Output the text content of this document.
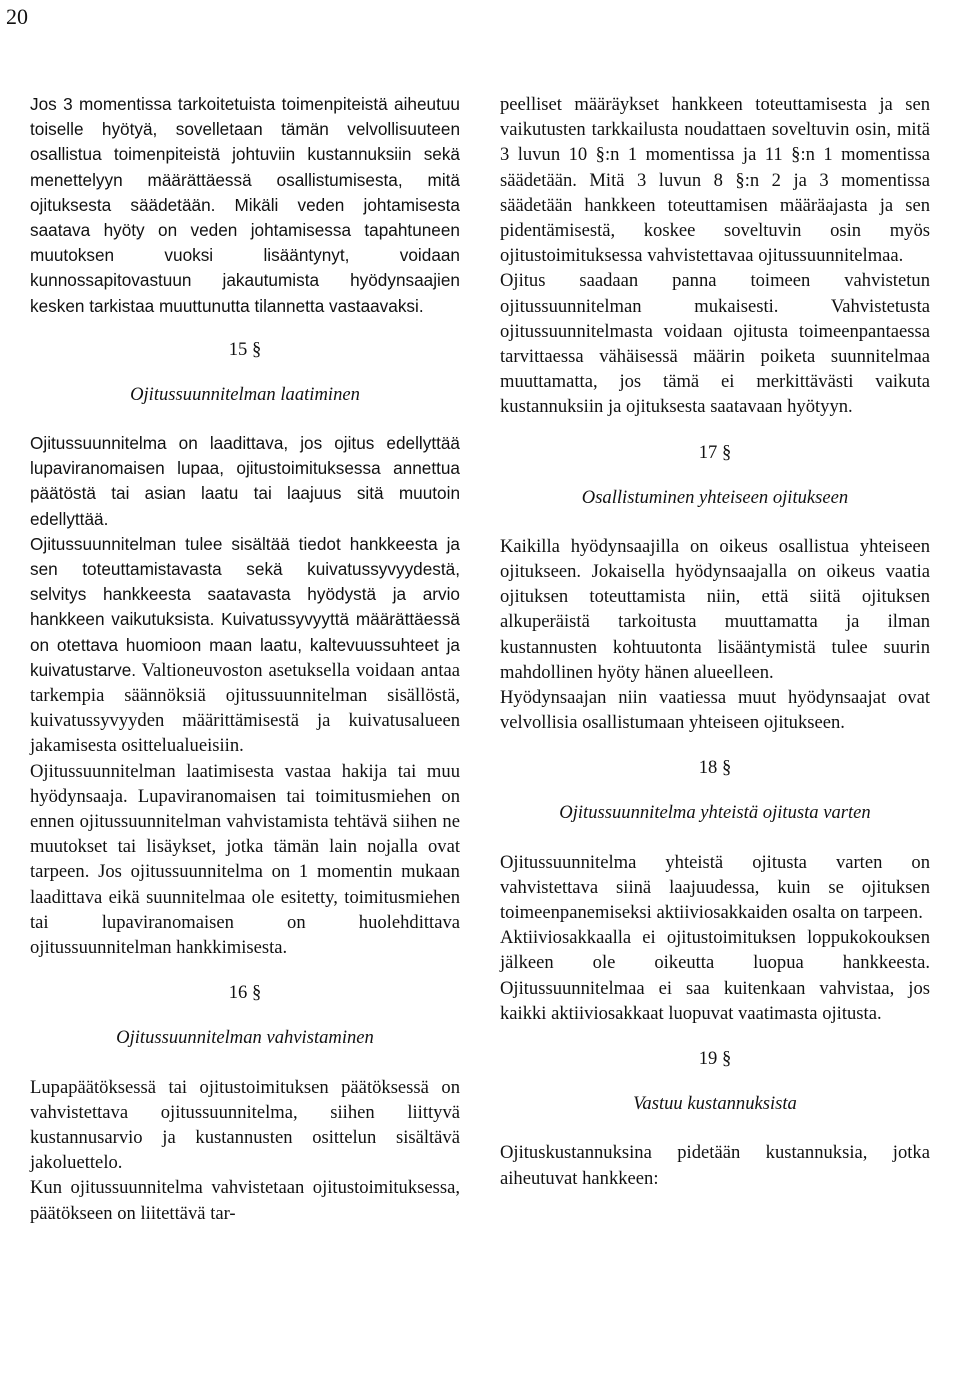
20

Jos 3 momentissa tarkoitetuista toimenpiteistä aiheutuu toiselle hyötyä, sovelletaan tämän velvollisuuteen osallistua toimenpiteistä johtuviin kustannuksiin sekä menettelyyn määrättäessä osallistumisesta, mitä ojituksesta säädetään. Mikäli veden johtamisesta saatava hyöty on veden johtamisessa tapahtuneen muutoksen vuoksi lisääntynyt, voidaan kunnossapitovastuun jakautumista hyödynsaajien kesken tarkistaa muuttunutta tilannetta vastaavaksi.

15 §
Ojitussuunnitelman laatiminen

Ojitussuunnitelma on laadittava, jos ojitus edellyttää lupaviranomaisen lupaa, ojitustoimituksessa annettua päätöstä tai asian laatu tai laajuus sitä muutoin edellyttää.

Ojitussuunnitelman tulee sisältää tiedot hankkeesta ja sen toteuttamistavasta sekä kuivatussyvyydestä, selvitys hankkeesta saatavasta hyödystä ja arvio hankkeen vaikutuksista. Kuivatussyvyyttä määrättäessä on otettava huomioon maan laatu, kaltevuussuhteet ja kuivatustarve. Valtioneuvoston asetuksella voidaan antaa tarkempia säännöksiä ojitussuunnitelman sisällöstä, kuivatussyvyyden määrittämisestä ja kuivatusalueen jakamisesta osittelualueisiin.

Ojitussuunnitelman laatimisesta vastaa hakija tai muu hyödynsaaja. Lupaviranomaisen tai toimitusmiehen on ennen ojitussuunnitelman vahvistamista tehtävä siihen ne muutokset tai lisäykset, jotka tämän lain nojalla ovat tarpeen. Jos ojitussuunnitelma on 1 momentin mukaan laadittava eikä suunnitelmaa ole esitetty, toimitusmiehen tai lupaviranomaisen on huolehdittava ojitussuunnitelman hankkimisesta.

16 §
Ojitussuunnitelman vahvistaminen

Lupapäätöksessä tai ojitustoimituksen päätöksessä on vahvistettava ojitussuunnitelma, siihen liittyvä kustannusarvio ja kustannusten osittelun sisältävä jakoluettelo.

Kun ojitussuunnitelma vahvistetaan ojitustoimituksessa, päätökseen on liitettävä tar-

peelliset määräykset hankkeen toteuttamisesta ja sen vaikutusten tarkkailusta noudattaen soveltuvin osin, mitä 3 luvun 10 §:n 1 momentissa ja 11 §:n 1 momentissa säädetään. Mitä 3 luvun 8 §:n 2 ja 3 momentissa säädetään hankkeen toteuttamisen määräajasta ja sen pidentämisestä, koskee soveltuvin osin myös ojitustoimituksessa vahvistettavaa ojitussuunnitelmaa.

Ojitus saadaan panna toimeen vahvistetun ojitussuunnitelman mukaisesti. Vahvistetusta ojitussuunnitelmasta voidaan ojitusta toimeenpantaessa tarvittaessa vähäisessä määrin poiketa suunnitelmaa muuttamatta, jos tämä ei merkittävästi vaikuta kustannuksiin ja ojituksesta saatavaan hyötyyn.

17 §
Osallistuminen yhteiseen ojitukseen

Kaikilla hyödynsaajilla on oikeus osallistua yhteiseen ojitukseen. Jokaisella hyödynsaajalla on oikeus vaatia ojituksen toteuttamista niin, että siitä ojituksen alkuperäistä tarkoitusta muuttamatta ja ilman kustannusten kohtuutonta lisääntymistä tulee suurin mahdollinen hyöty hänen alueelleen.

Hyödynsaajan niin vaatiessa muut hyödynsaajat ovat velvollisia osallistumaan yhteiseen ojitukseen.

18 §
Ojitussuunnitelma yhteistä ojitusta varten

Ojitussuunnitelma yhteistä ojitusta varten on vahvistettava siinä laajuudessa, kuin se ojituksen toimeenpanemiseksi aktiiviosakkaiden osalta on tarpeen.

Aktiiviosakkaalla ei ojitustoimituksen loppukokouksen jälkeen ole oikeutta luopua hankkeesta. Ojitussuunnitelmaa ei saa kuitenkaan vahvistaa, jos kaikki aktiiviosakkaat luopuvat vaatimasta ojitusta.

19 §
Vastuu kustannuksista

Ojituskustannuksina pidetään kustannuksia, jotka aiheutuvat hankkeen:
